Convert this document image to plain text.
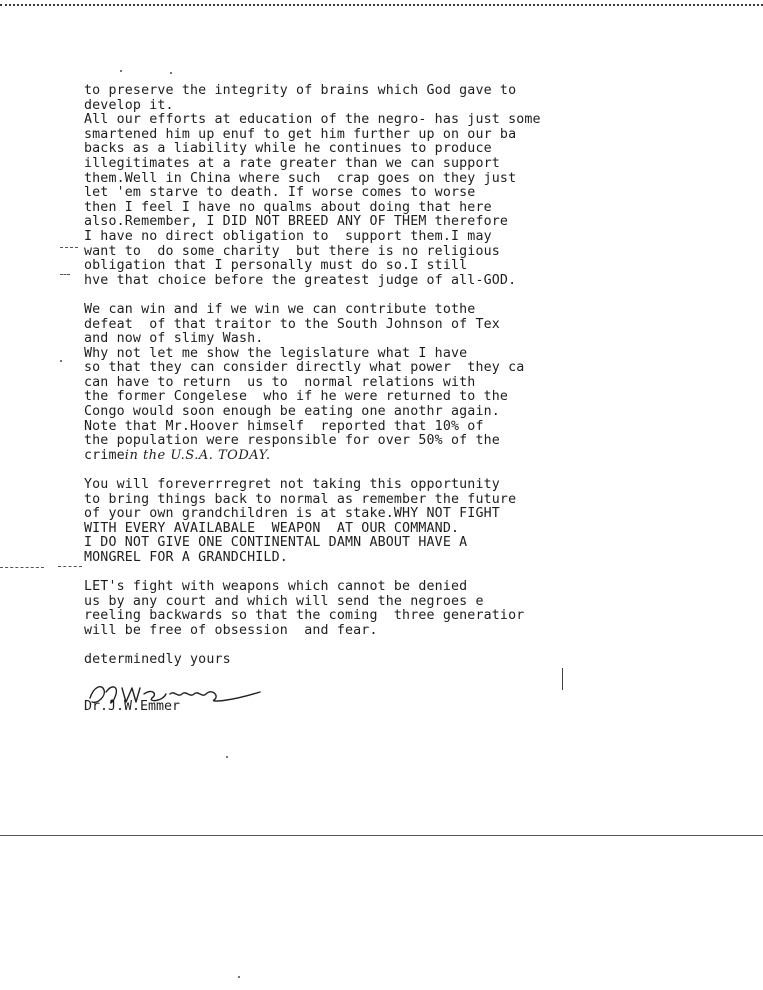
to preserve the integrity of brains which God gave to
develop it.
All our efforts at education of the negro- has just some
smartened him up enuf to get him further up on our ba
backs as a liability while he continues to produce
illegitimates at a rate greater than we can support
them.Well in China where such  crap goes on they just
let 'em starve to death. If worse comes to worse
then I feel I have no qualms about doing that here
also.Remember, I DID NOT BREED ANY OF THEM therefore
I have no direct obligation to  support them.I may
want to  do some charity  but there is no religious
obligation that I personally must do so.I still
hve that choice before the greatest judge of all-GOD.
We can win and if we win we can contribute tothe
defeat  of that traitor to the South Johnson of Tex
and now of slimy Wash.
Why not let me show the legislature what I have
so that they can consider directly what power  they ca
can have to return  us to  normal relations with
the former Congelese  who if he were returned to the
Congo would soon enough be eating one anothr again.
Note that Mr.Hoover himself  reported that 10% of
the population were responsible for over 50% of the
crimein the U.S.A. TODAY.
You will foreverrregret not taking this opportunity
to bring things back to normal as remember the future
of your own grandchildren is at stake.WHY NOT FIGHT
WITH EVERY AVAILABALE  WEAPON  AT OUR COMMAND.
I DO NOT GIVE ONE CONTINENTAL DAMN ABOUT HAVE A
MONGREL FOR A GRANDCHILD.
LET's fight with weapons which cannot be denied
us by any court and which will send the negroes e
reeling backwards so that the coming  three generatior
will be free of obsession  and fear.
determinedly yours
Dr.J.W.Emmer
